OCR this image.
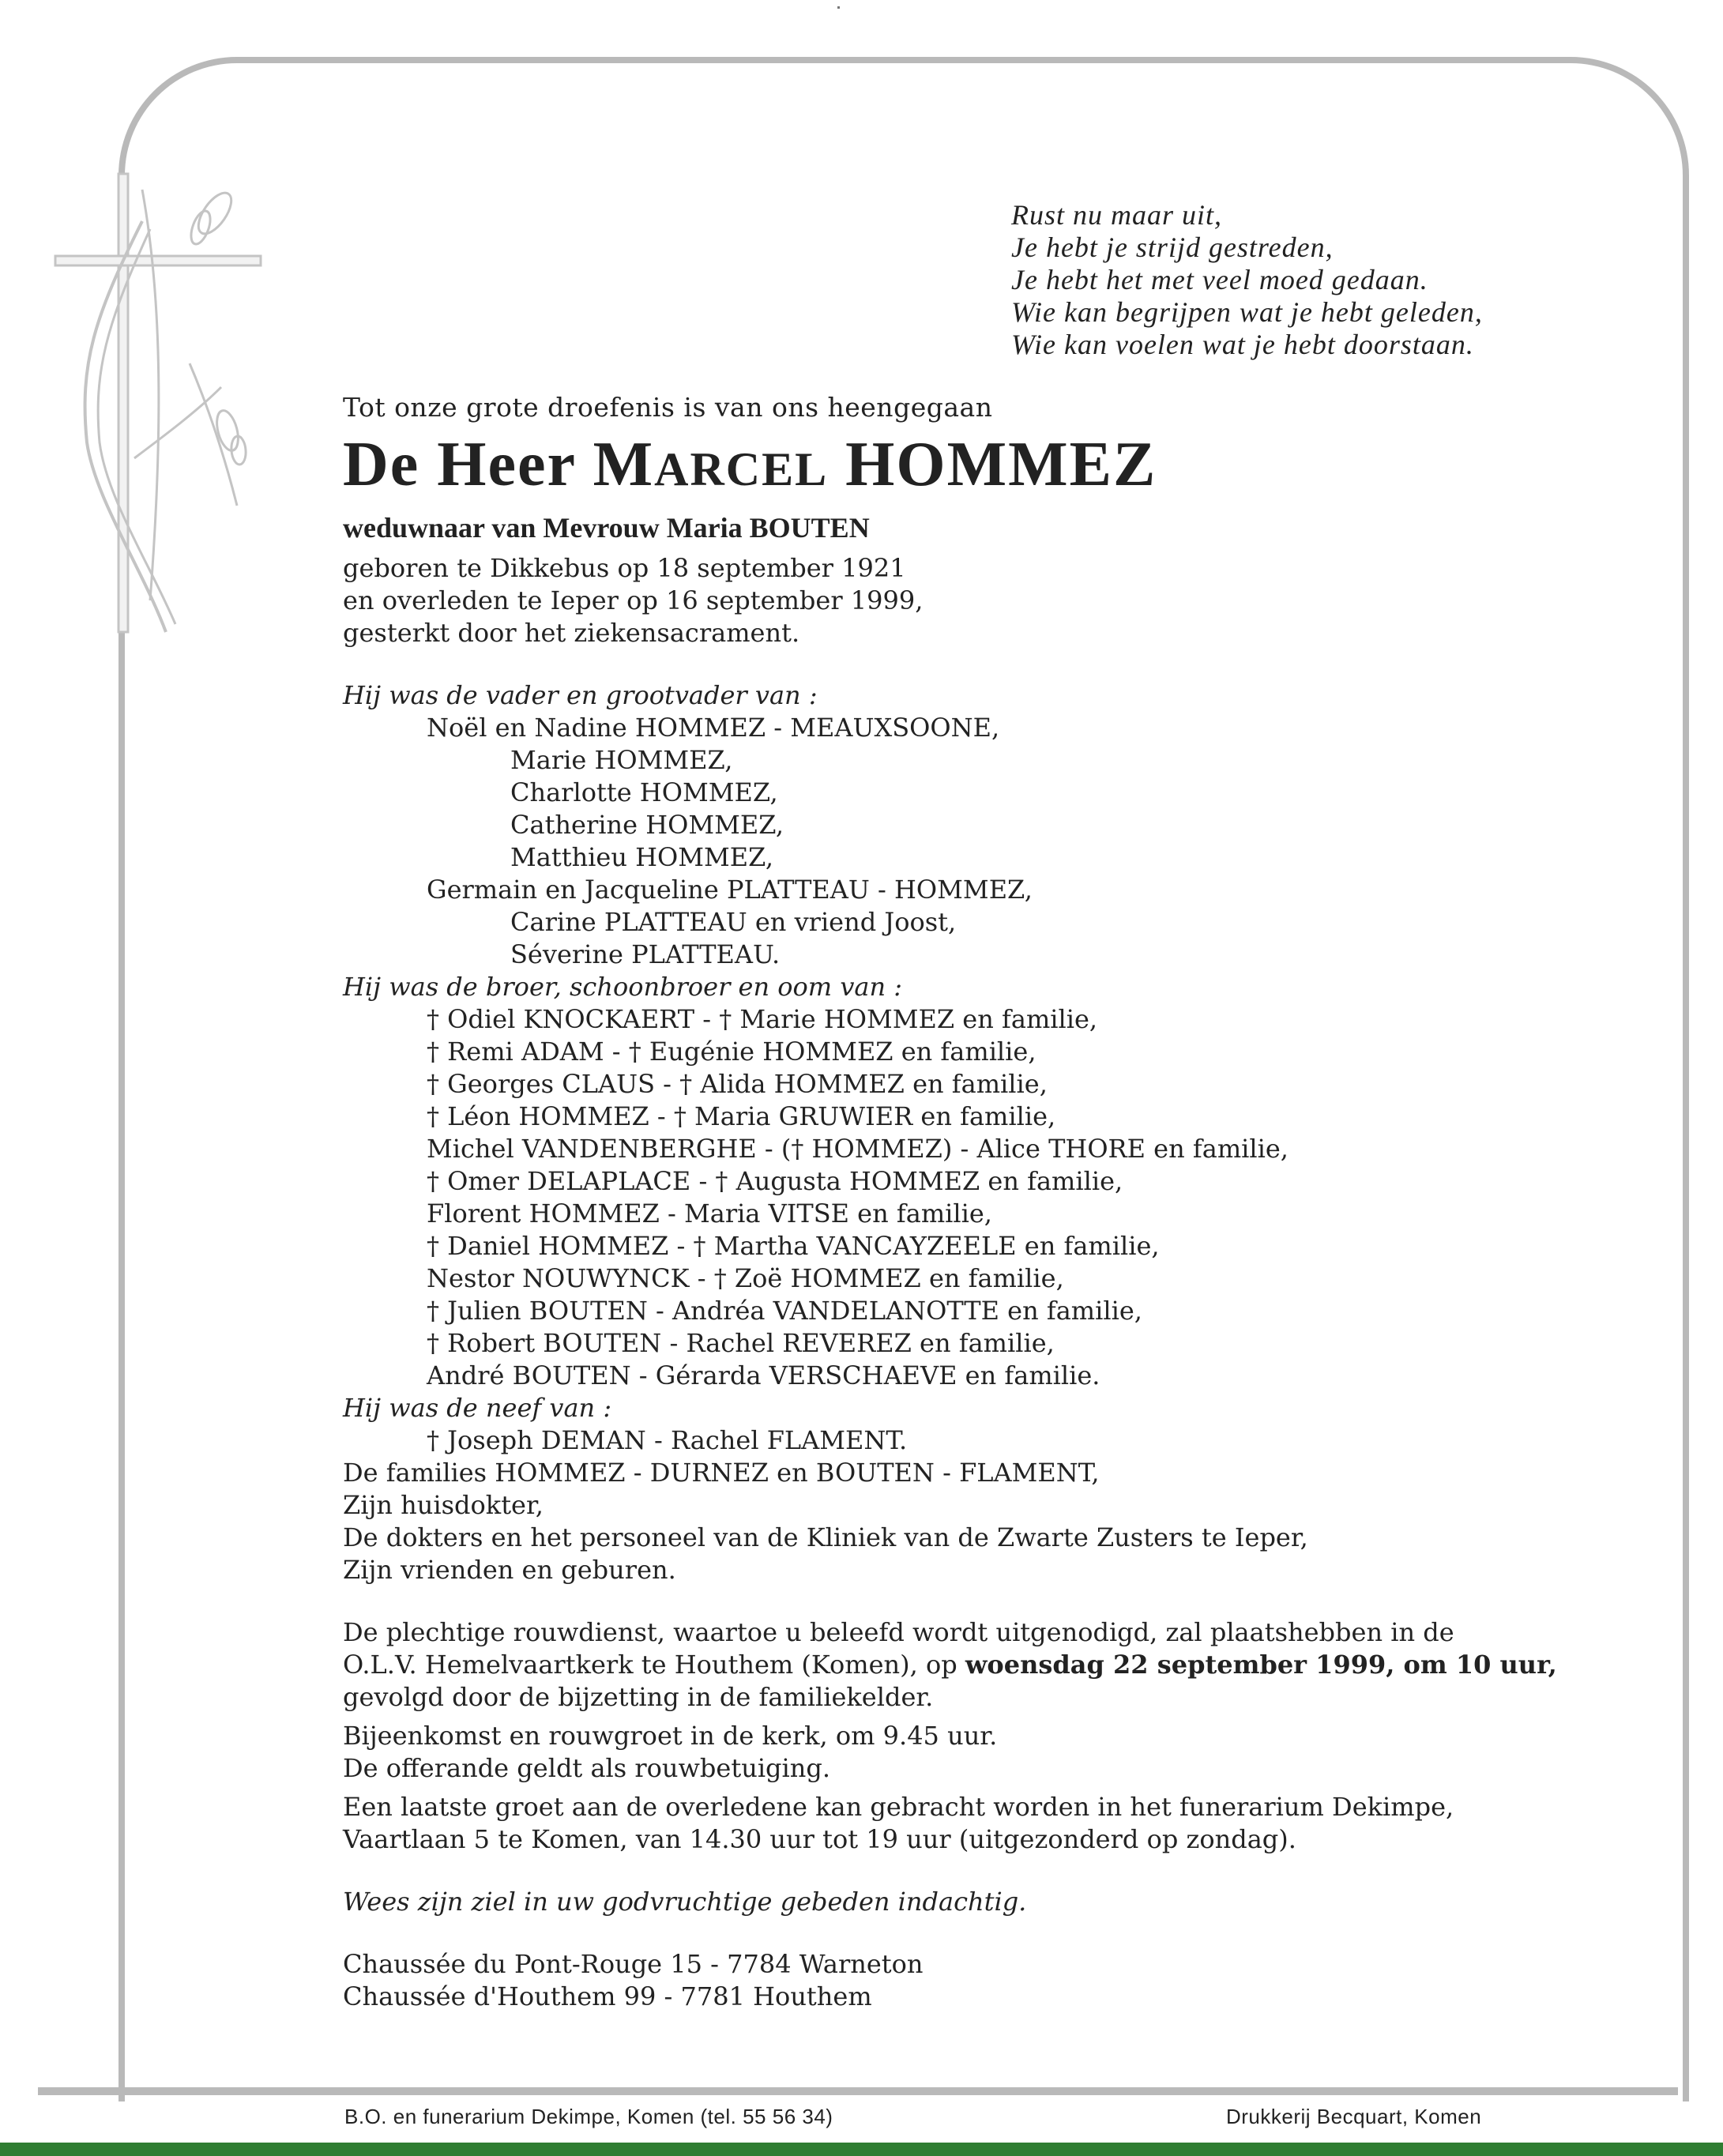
Rust nu maar uit,
Je hebt je strijd gestreden,
Je hebt het met veel moed gedaan.
Wie kan begrijpen wat je hebt geleden,
Wie kan voelen wat je hebt doorstaan.
Tot onze grote droefenis is van ons heengegaan
De Heer MARCEL HOMMEZ
weduwnaar van Mevrouw Maria BOUTEN
geboren te Dikkebus op 18 september 1921
en overleden te Ieper op 16 september 1999,
gesterkt door het ziekensacrament.
Hij was de vader en grootvader van :
Noël en Nadine HOMMEZ - MEAUXSOONE,
Marie HOMMEZ,
Charlotte HOMMEZ,
Catherine HOMMEZ,
Matthieu HOMMEZ,
Germain en Jacqueline PLATTEAU - HOMMEZ,
Carine PLATTEAU en vriend Joost,
Séverine PLATTEAU.
Hij was de broer, schoonbroer en oom van :
† Odiel KNOCKAERT - † Marie HOMMEZ en familie,
† Remi ADAM - † Eugénie HOMMEZ en familie,
† Georges CLAUS - † Alida HOMMEZ en familie,
† Léon HOMMEZ - † Maria GRUWIER en familie,
Michel VANDENBERGHE - († HOMMEZ) - Alice THORE en familie,
† Omer DELAPLACE - † Augusta HOMMEZ en familie,
Florent HOMMEZ - Maria VITSE en familie,
† Daniel HOMMEZ - † Martha VANCAYZEELE en familie,
Nestor NOUWYNCK - † Zoë HOMMEZ en familie,
† Julien BOUTEN - Andréa VANDELANOTTE en familie,
† Robert BOUTEN - Rachel REVEREZ en familie,
André BOUTEN - Gérarda VERSCHAEVE en familie.
Hij was de neef van :
† Joseph DEMAN - Rachel FLAMENT.
De families HOMMEZ - DURNEZ en BOUTEN - FLAMENT,
Zijn huisdokter,
De dokters en het personeel van de Kliniek van de Zwarte Zusters te Ieper,
Zijn vrienden en geburen.
De plechtige rouwdienst, waartoe u beleefd wordt uitgenodigd, zal plaatshebben in de
O.L.V. Hemelvaartkerk te Houthem (Komen), op woensdag 22 september 1999, om 10 uur,
gevolgd door de bijzetting in de familiekelder.
Bijeenkomst en rouwgroet in de kerk, om 9.45 uur.
De offerande geldt als rouwbetuiging.
Een laatste groet aan de overledene kan gebracht worden in het funerarium Dekimpe,
Vaartlaan 5 te Komen, van 14.30 uur tot 19 uur (uitgezonderd op zondag).
Wees zijn ziel in uw godvruchtige gebeden indachtig.
Chaussée du Pont-Rouge 15 - 7784 Warneton
Chaussée d'Houthem 99 - 7781 Houthem
B.O. en funerarium Dekimpe, Komen (tel. 55 56 34)	Drukkerij Becquart, Komen
